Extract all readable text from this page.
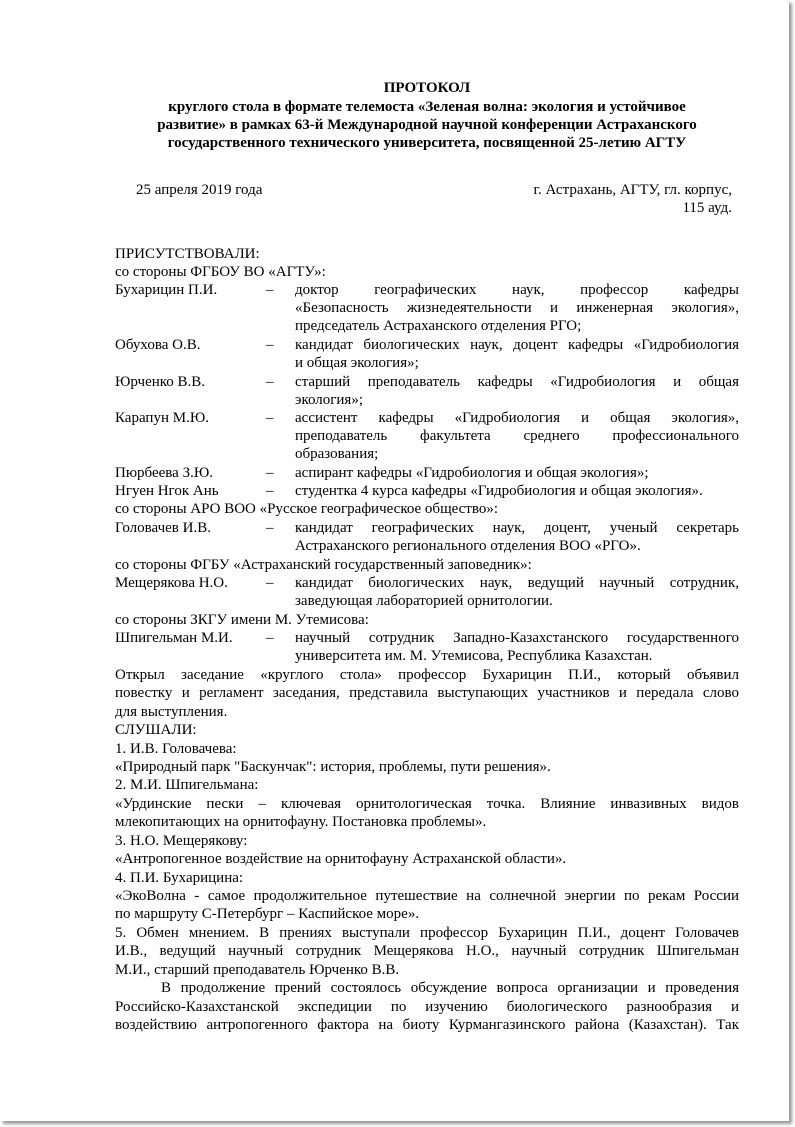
ПРОТОКОЛ
круглого стола в формате телемоста «Зеленая волна: экология и устойчивое
развитие» в рамках 63-й Международной научной конференции Астраханского
государственного технического университета, посвященной 25-летию АГТУ
25 апреля 2019 года	г. Астрахань, АГТУ, гл. корпус,
115 ауд.
ПРИСУТСТВОВАЛИ:
со стороны ФГБОУ ВО «АГТУ»:
Бухарицин П.И.	– доктор географических наук, профессор кафедры
«Безопасность жизнедеятельности и инженерная экология»,
председатель Астраханского отделения РГО;
Обухова О.В.	– кандидат биологических наук, доцент кафедры «Гидробиология
и общая экология»;
Юрченко В.В.	– старший преподаватель кафедры «Гидробиология и общая
экология»;
Карапун М.Ю.	– ассистент кафедры «Гидробиология и общая экология»,
преподаватель факультета среднего профессионального
образования;
Пюрбеева З.Ю.	– аспирант кафедры «Гидробиология и общая экология»;
Нгуен Нгок Ань	– студентка 4 курса кафедры «Гидробиология и общая экология».
со стороны АРО ВОО «Русское географическое общество»:
Головачев И.В.	– кандидат географических наук, доцент, ученый секретарь
Астраханского регионального отделения ВОО «РГО».
со стороны ФГБУ «Астраханский государственный заповедник»:
Мещерякова Н.О.	– кандидат биологических наук, ведущий научный сотрудник,
заведующая лабораторией орнитологии.
со стороны ЗКГУ имени М. Утемисова:
Шпигельман М.И. – научный сотрудник Западно-Казахстанского государственного
университета им. М. Утемисова, Республика Казахстан.
Открыл заседание «круглого стола» профессор Бухарицин П.И., который объявил
повестку и регламент заседания, представила выступающих участников и передала слово
для выступления.
СЛУШАЛИ:
1. И.В. Головачева:
«Природный парк "Баскунчак": история, проблемы, пути решения».
2. М.И. Шпигельмана:
«Урдинские пески – ключевая орнитологическая точка. Влияние инвазивных видов
млекопитающих на орнитофауну. Постановка проблемы».
3. Н.О. Мещерякову:
«Антропогенное воздействие на орнитофауну Астраханской области».
4. П.И. Бухарицина:
«ЭкоВолна - самое продолжительное путешествие на солнечной энергии по рекам России
по маршруту С-Петербург – Каспийское море».
5. Обмен мнением. В прениях выступали профессор Бухарицин П.И., доцент Головачев
И.В., ведущий научный сотрудник Мещерякова Н.О., научный сотрудник Шпигельман
М.И., старший преподаватель Юрченко В.В.
В продолжение прений состоялось обсуждение вопроса организации и проведения
Российско-Казахстанской экспедиции по изучению биологического разнообразия и
воздействию антропогенного фактора на биоту Курмангазинского района (Казахстан). Так
